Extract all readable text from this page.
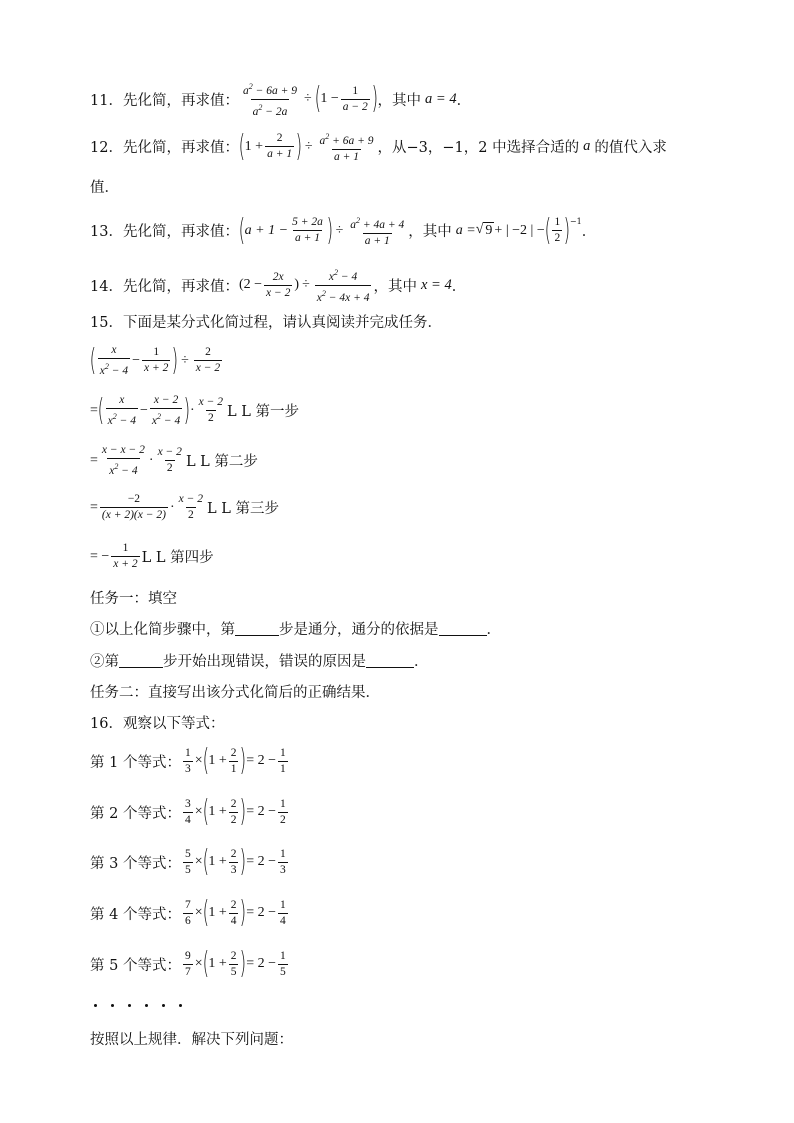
11．先化简，再求值： $\frac{a^2 - 6a + 9}{a^2 - 2a}$ ÷ ( $1 - \frac{1}{a - 2}$ ) ，其中 a = 4 ．
12．先化简，再求值： ( $1 + \frac{2}{a + 1}$ ) ÷ $\frac{a^2 + 6a + 9}{a + 1}$ ，从−3，−1，2 中选择合适的 a 的值代入求
值．
13．先化简，再求值： ( $a + 1 - \frac{5 + 2a}{a + 1}$ ) ÷ $\frac{a^2 + 4a + 4}{a + 1}$ ，其中 a = √ 9 + | −2 | − ( 1
2 )$^{-1}$
．
14．先化简，再求值： ($2 - \frac{2x}{x - 2}$ ) ÷ $\frac{x^2 - 4}{x^2 - 4x + 4}$ ，其中 x = 4 ．
15．下面是某分式化简过程，请认真阅读并完成任务．
( x
$x^2 - 4$
− $\frac{1}{x + 2}$ ) ÷ $\frac{2}{x - 2}$
= ( x
$x^2 - 4$
− $\frac{x - 2}{x^2 - 4}$ ) ·
x − 2
2 L L 第一步
= $\frac{x - x - 2}{x^2 - 4}$ ·
x − 2
2 L L 第二步
= $\frac{-2}{(x + 2)(x - 2)}$ ·
x − 2
2 L L 第三步
= − $\frac{1}{x + 2}$ L L 第四步
任务一：填空
①以上化简步骤中，第	步是通分，通分的依据是	．
②第	步开始出现错误，错误的原因是	．
任务二：直接写出该分式化简后的正确结果．
16．观察以下等式：
第 1 个等式： $\frac{1}{3}$ × ( $1 + \frac{2}{1}$ ) = $2 - \frac{1}{1}$
第 2 个等式： $\frac{3}{4}$ × ( $1 + \frac{2}{2}$ ) = $2 - \frac{1}{2}$
第 3 个等式： $\frac{5}{5}$ × ( $1 + \frac{2}{3}$ ) = $2 - \frac{1}{3}$
第 4 个等式： $\frac{7}{6}$ × ( $1 + \frac{2}{4}$ ) = $2 - \frac{1}{4}$
第 5 个等式： $\frac{9}{7}$ × ( $1 + \frac{2}{5}$ ) = $2 - \frac{1}{5}$
按照以上规律．解决下列问题：
